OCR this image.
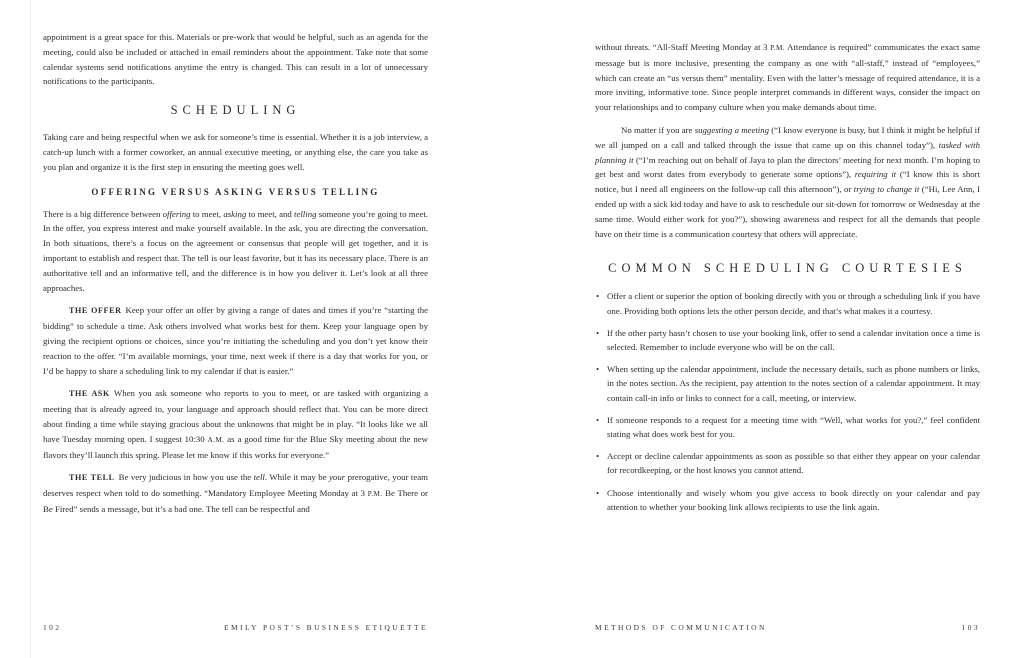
appointment is a great space for this. Materials or pre-work that would be helpful, such as an agenda for the meeting, could also be included or attached in email reminders about the appointment. Take note that some calendar systems send notifications anytime the entry is changed. This can result in a lot of unnecessary notifications to the participants.

SCHEDULING

Taking care and being respectful when we ask for someone’s time is essential. Whether it is a job interview, a catch-up lunch with a former coworker, an annual executive meeting, or anything else, the care you take as you plan and organize it is the first step in ensuring the meeting goes well.

OFFERING VERSUS ASKING VERSUS TELLING

There is a big difference between offering to meet, asking to meet, and telling someone you’re going to meet. In the offer, you express interest and make yourself available. In the ask, you are directing the conversation. In both situations, there’s a focus on the agreement or consensus that people will get together, and it is important to establish and respect that. The tell is our least favorite, but it has its necessary place. There is an authoritative tell and an informative tell, and the difference is in how you deliver it. Let’s look at all three approaches.

THE OFFER Keep your offer an offer by giving a range of dates and times if you’re “starting the bidding” to schedule a time. Ask others involved what works best for them. Keep your language open by giving the recipient options or choices, since you’re initiating the scheduling and you don’t yet know their reaction to the offer. “I’m available mornings, your time, next week if there is a day that works for you, or I’d be happy to share a scheduling link to my calendar if that is easier.”

THE ASK When you ask someone who reports to you to meet, or are tasked with organizing a meeting that is already agreed to, your language and approach should reflect that. You can be more direct about finding a time while staying gracious about the unknowns that might be in play. “It looks like we all have Tuesday morning open. I suggest 10:30 A.M. as a good time for the Blue Sky meeting about the new flavors they’ll launch this spring. Please let me know if this works for everyone.”

THE TELL Be very judicious in how you use the tell. While it may be your prerogative, your team deserves respect when told to do something. “Mandatory Employee Meeting Monday at 3 P.M. Be There or Be Fired” sends a message, but it’s a bad one. The tell can be respectful and

102	EMILY POST’S BUSINESS ETIQUETTE

without threats. “All-Staff Meeting Monday at 3 P.M. Attendance is required” communicates the exact same message but is more inclusive, presenting the company as one with “all-staff,” instead of “employees,” which can create an “us versus them” mentality. Even with the latter’s message of required attendance, it is a more inviting, informative tone. Since people interpret commands in different ways, consider the impact on your relationships and to company culture when you make demands about time.

No matter if you are suggesting a meeting (“I know everyone is busy, but I think it might be helpful if we all jumped on a call and talked through the issue that came up on this channel today”), tasked with planning it (“I’m reaching out on behalf of Jaya to plan the directors’ meeting for next month. I’m hoping to get best and worst dates from everybody to generate some options”), requiring it (“I know this is short notice, but I need all engineers on the follow-up call this afternoon”), or trying to change it (“Hi, Lee Ann, I ended up with a sick kid today and have to ask to reschedule our sit-down for tomorrow or Wednesday at the same time. Would either work for you?”), showing awareness and respect for all the demands that people have on their time is a communication courtesy that others will appreciate.

COMMON SCHEDULING COURTESIES
• Offer a client or superior the option of booking directly with you or through a scheduling link if you have one. Providing both options lets the other person decide, and that’s what makes it a courtesy.
• If the other party hasn’t chosen to use your booking link, offer to send a calendar invitation once a time is selected. Remember to include everyone who will be on the call.
• When setting up the calendar appointment, include the necessary details, such as phone numbers or links, in the notes section. As the recipient, pay attention to the notes section of a calendar appointment. It may contain call-in info or links to connect for a call, meeting, or interview.
• If someone responds to a request for a meeting time with “Well, what works for you?,” feel confident stating what does work best for you.
• Accept or decline calendar appointments as soon as possible so that either they appear on your calendar for recordkeeping, or the host knows you cannot attend.
• Choose intentionally and wisely whom you give access to book directly on your calendar and pay attention to whether your booking link allows recipients to use the link again.
METHODS OF COMMUNICATION	103
